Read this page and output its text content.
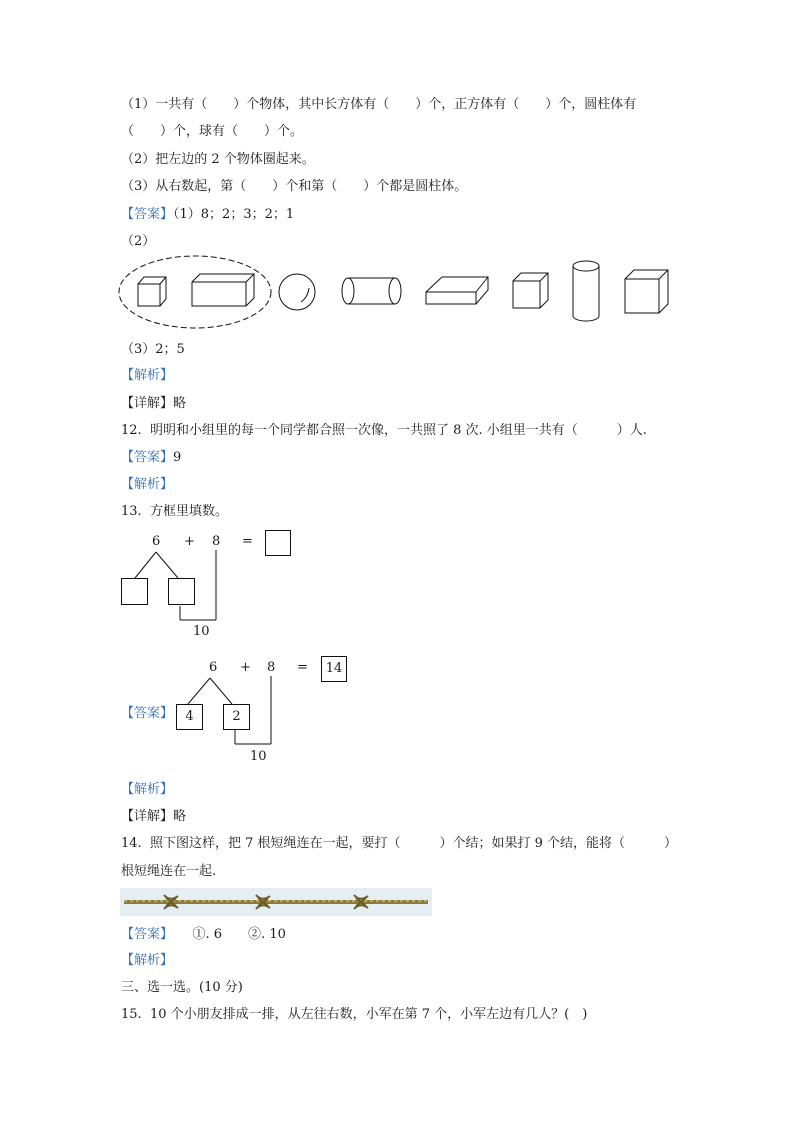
（1）一共有（　　）个物体，其中长方体有（　　）个，正方体有（　　）个，圆柱体有
（　　）个，球有（　　）个。
（2）把左边的 2 个物体圈起来。
（3）从右数起，第（　　）个和第（　　）个都是圆柱体。
【答案】（1）8；2；3；2；1
（2）
（3）2；5
【解析】
【详解】略
12.  明明和小组里的每一个同学都合照一次像，一共照了 8 次. 小组里一共有（　　　）人.
【答案】9
【解析】
13.  方框里填数。
6 + 8 =
10
【答案】
6 + 8 =	14
4	2
10
【解析】
【详解】略
14.  照下图这样，把 7 根短绳连在一起，要打（　　　）个结；如果打 9 个结，能将（　　　）
根短绳连在一起.
【答案】　　①. 6　　②. 10
【解析】
三、选一选。(10 分)
15.  10 个小朋友排成一排，从左往右数，小军在第 7 个，小军左边有几人？(　)
